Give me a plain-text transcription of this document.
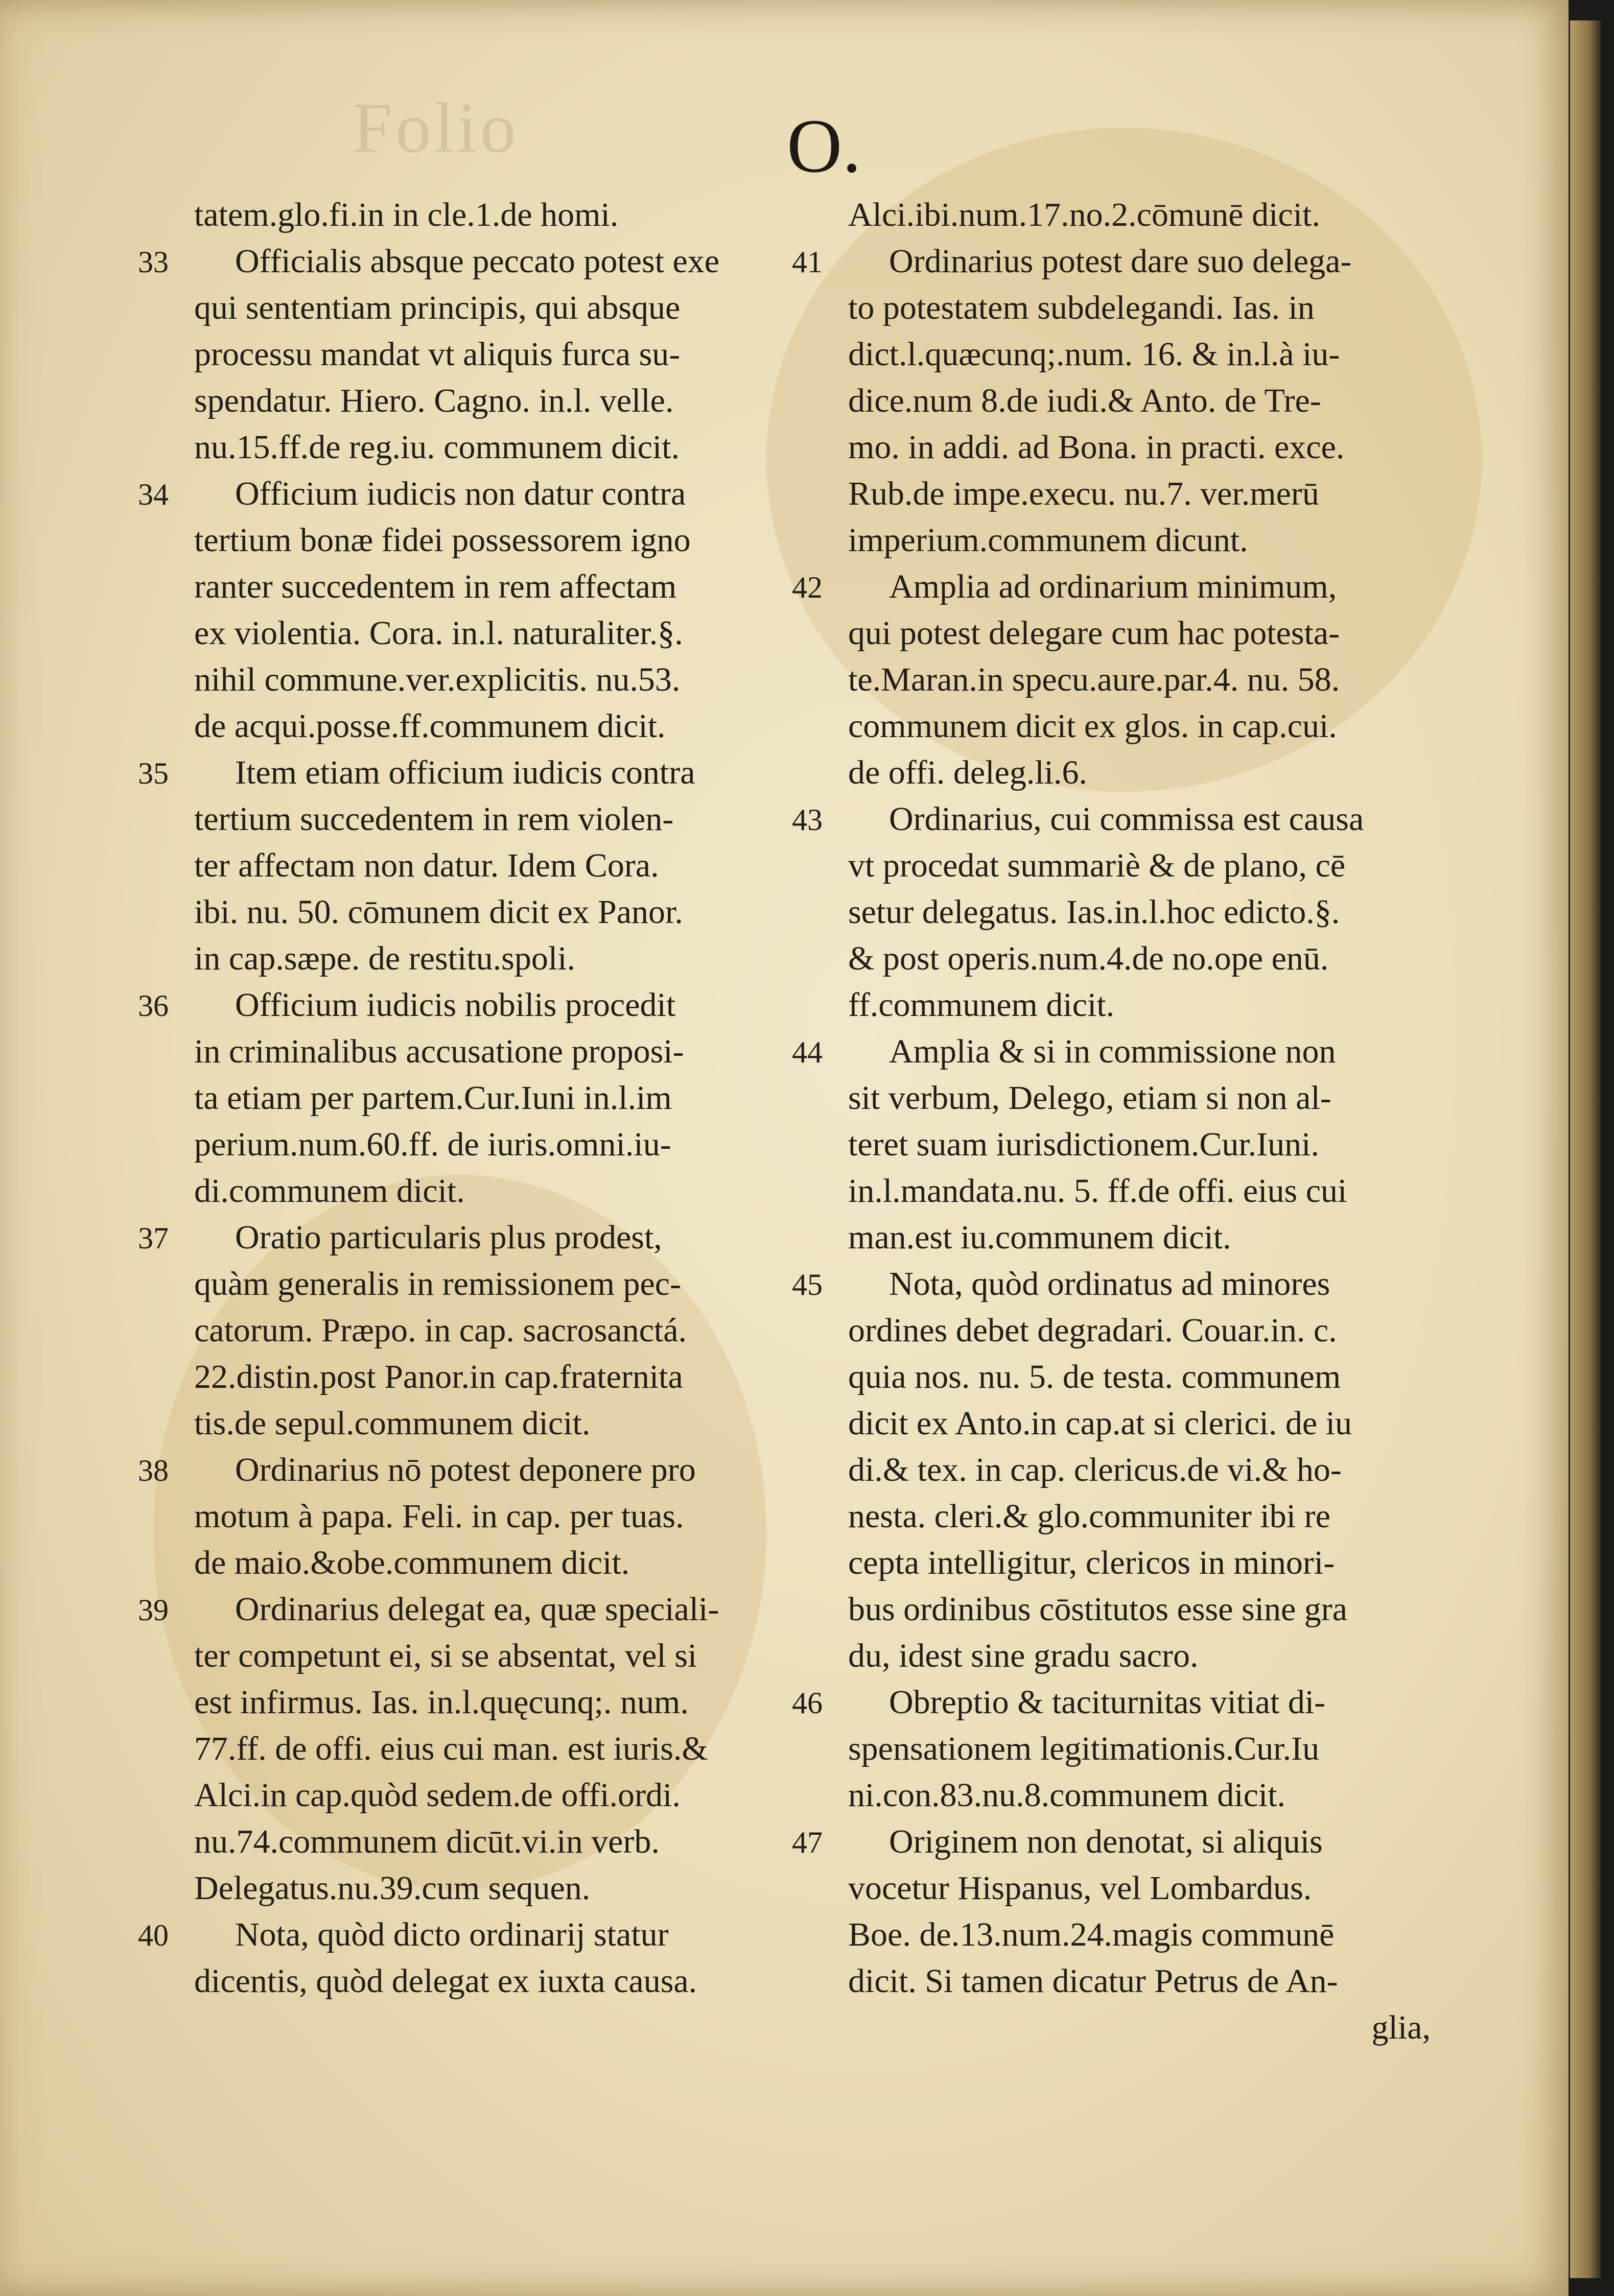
Folio	O.
tatem.glo.fi.in in cle.1.de homi.
33 Officialis absque peccato potest exe
qui sententiam principis, qui absque
processu mandat vt aliquis furca su-
spendatur. Hiero. Cagno. in.l. velle.
nu.15.ff.de reg.iu. communem dicit.
34 Officium iudicis non datur contra
tertium bonæ fidei possessorem igno
ranter succedentem in rem affectam
ex violentia. Cora. in.l. naturaliter.§.
nihil commune.ver.explicitis. nu.53.
de acqui.posse.ff.communem dicit.
35 Item etiam officium iudicis contra
tertium succedentem in rem violen-
ter affectam non datur. Idem Cora.
ibi. nu. 50. cōmunem dicit ex Panor.
in cap.sæpe. de restitu.spoli.
36 Officium iudicis nobilis procedit
in criminalibus accusatione proposi-
ta etiam per partem.Cur.Iuni in.l.im
perium.num.60.ff. de iuris.omni.iu-
di.communem dicit.
37 Oratio particularis plus prodest,
quàm generalis in remissionem pec-
catorum. Præpo. in cap. sacrosanctá.
22.distin.post Panor.in cap.fraternita
tis.de sepul.communem dicit.
38 Ordinarius nō potest deponere pro
motum à papa. Feli. in cap. per tuas.
de maio.&obe.communem dicit.
39 Ordinarius delegat ea, quæ speciali-
ter competunt ei, si se absentat, vel si
est infirmus. Ias. in.l.quęcunq;. num.
77.ff. de offi. eius cui man. est iuris.&
Alci.in cap.quòd sedem.de offi.ordi.
nu.74.communem dicūt.vi.in verb.
Delegatus.nu.39.cum sequen.
40 Nota, quòd dicto ordinarij statur
dicentis, quòd delegat ex iuxta causa.
Alci.ibi.num.17.no.2.cōmunē dicit.
41 Ordinarius potest dare suo delega-
to potestatem subdelegandi. Ias. in
dict.l.quæcunq;.num. 16. & in.l.à iu-
dice.num 8.de iudi.& Anto. de Tre-
mo. in addi. ad Bona. in practi. exce.
Rub.de impe.execu. nu.7. ver.merū
imperium.communem dicunt.
42 Amplia ad ordinarium minimum,
qui potest delegare cum hac potesta-
te.Maran.in specu.aure.par.4. nu. 58.
communem dicit ex glos. in cap.cui.
de offi. deleg.li.6.
43 Ordinarius, cui commissa est causa
vt procedat summariè & de plano, cē
setur delegatus. Ias.in.l.hoc edicto.§.
& post operis.num.4.de no.ope enū.
ff.communem dicit.
44 Amplia & si in commissione non
sit verbum, Delego, etiam si non al-
teret suam iurisdictionem.Cur.Iuni.
in.l.mandata.nu. 5. ff.de offi. eius cui
man.est iu.communem dicit.
45 Nota, quòd ordinatus ad minores
ordines debet degradari. Couar.in. c.
quia nos. nu. 5. de testa. communem
dicit ex Anto.in cap.at si clerici. de iu
di.& tex. in cap. clericus.de vi.& ho-
nesta. cleri.& glo.communiter ibi re
cepta intelligitur, clericos in minori-
bus ordinibus cōstitutos esse sine gra
du, idest sine gradu sacro.
46 Obreptio & taciturnitas vitiat di-
spensationem legitimationis.Cur.Iu
ni.con.83.nu.8.communem dicit.
47 Originem non denotat, si aliquis
vocetur Hispanus, vel Lombardus.
Boe. de.13.num.24.magis communē
dicit. Si tamen dicatur Petrus de An-
glia,
